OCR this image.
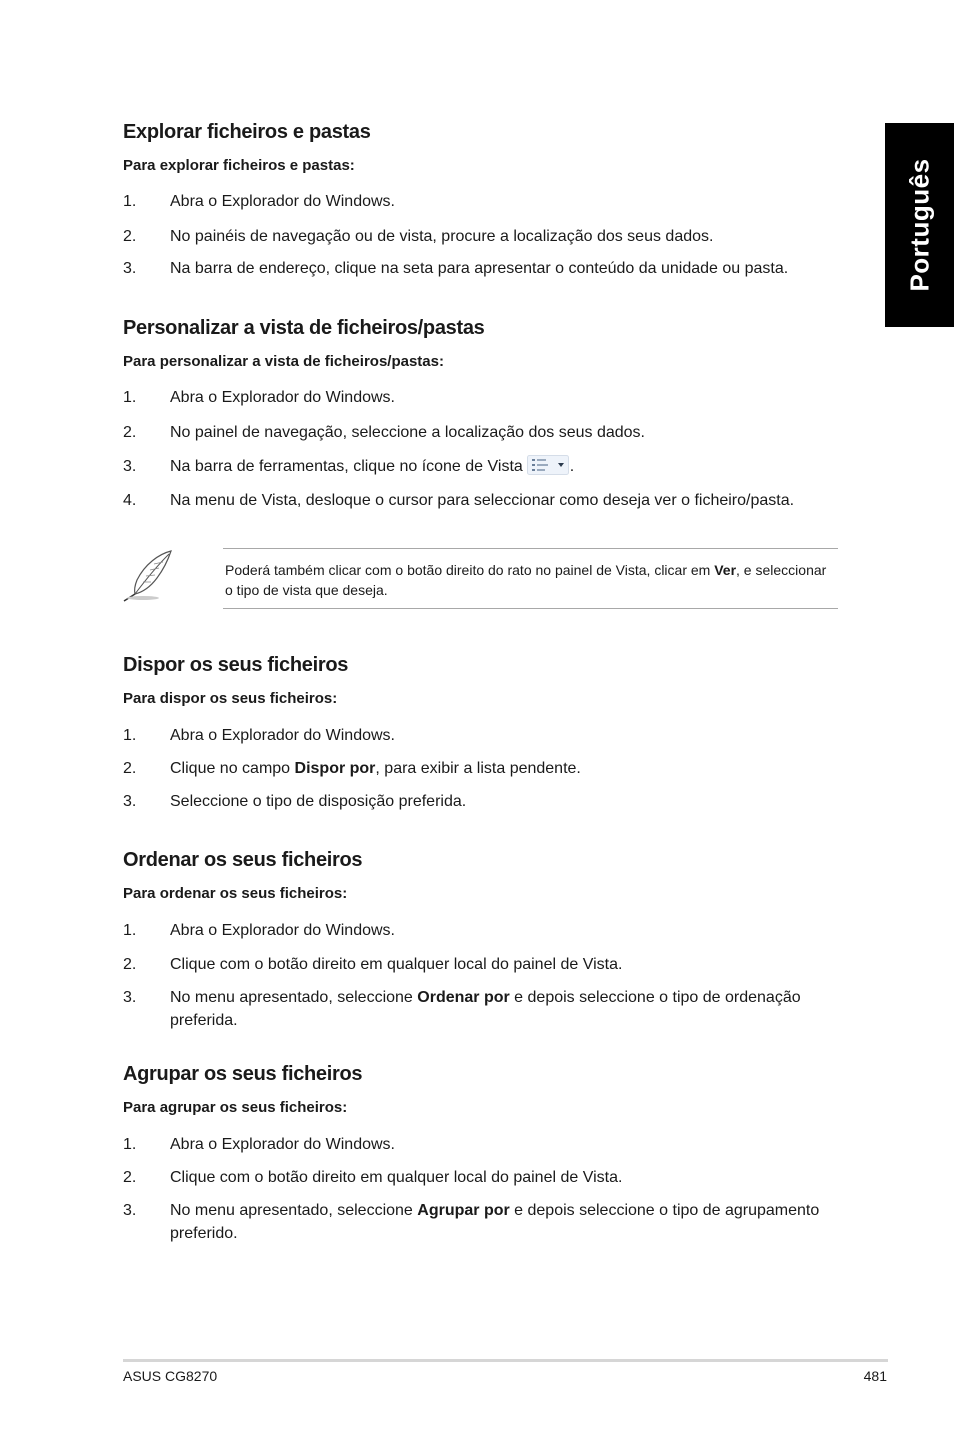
Português
Explorar ficheiros e pastas

Para explorar ficheiros e pastas:

1. Abra o Explorador do Windows.
2. No painéis de navegação ou de vista, procure a localização dos seus dados.
3. Na barra de endereço, clique na seta para apresentar o conteúdo da unidade ou pasta.
Personalizar a vista de ficheiros/pastas

Para personalizar a vista de ficheiros/pastas:

1. Abra o Explorador do Windows.
2. No painel de navegação, seleccione a localização dos seus dados.
3. Na barra de ferramentas, clique no ícone de Vista	.
4. Na menu de Vista, desloque o cursor para seleccionar como deseja ver o ficheiro/pasta.
Poderá também clicar com o botão direito do rato no painel de Vista, clicar em Ver, e seleccionar o tipo de vista que deseja.
Dispor os seus ficheiros

Para dispor os seus ficheiros:

1. Abra o Explorador do Windows.
2. Clique no campo Dispor por, para exibir a lista pendente.
3. Seleccione o tipo de disposição preferida.
Ordenar os seus ficheiros

Para ordenar os seus ficheiros:

1. Abra o Explorador do Windows.
2. Clique com o botão direito em qualquer local do painel de Vista.
3. No menu apresentado, seleccione Ordenar por e depois seleccione o tipo de ordenação preferida.
Agrupar os seus ficheiros

Para agrupar os seus ficheiros:

1. Abra o Explorador do Windows.
2. Clique com o botão direito em qualquer local do painel de Vista.
3. No menu apresentado, seleccione Agrupar por e depois seleccione o tipo de agrupamento preferido.
ASUS CG8270	481
